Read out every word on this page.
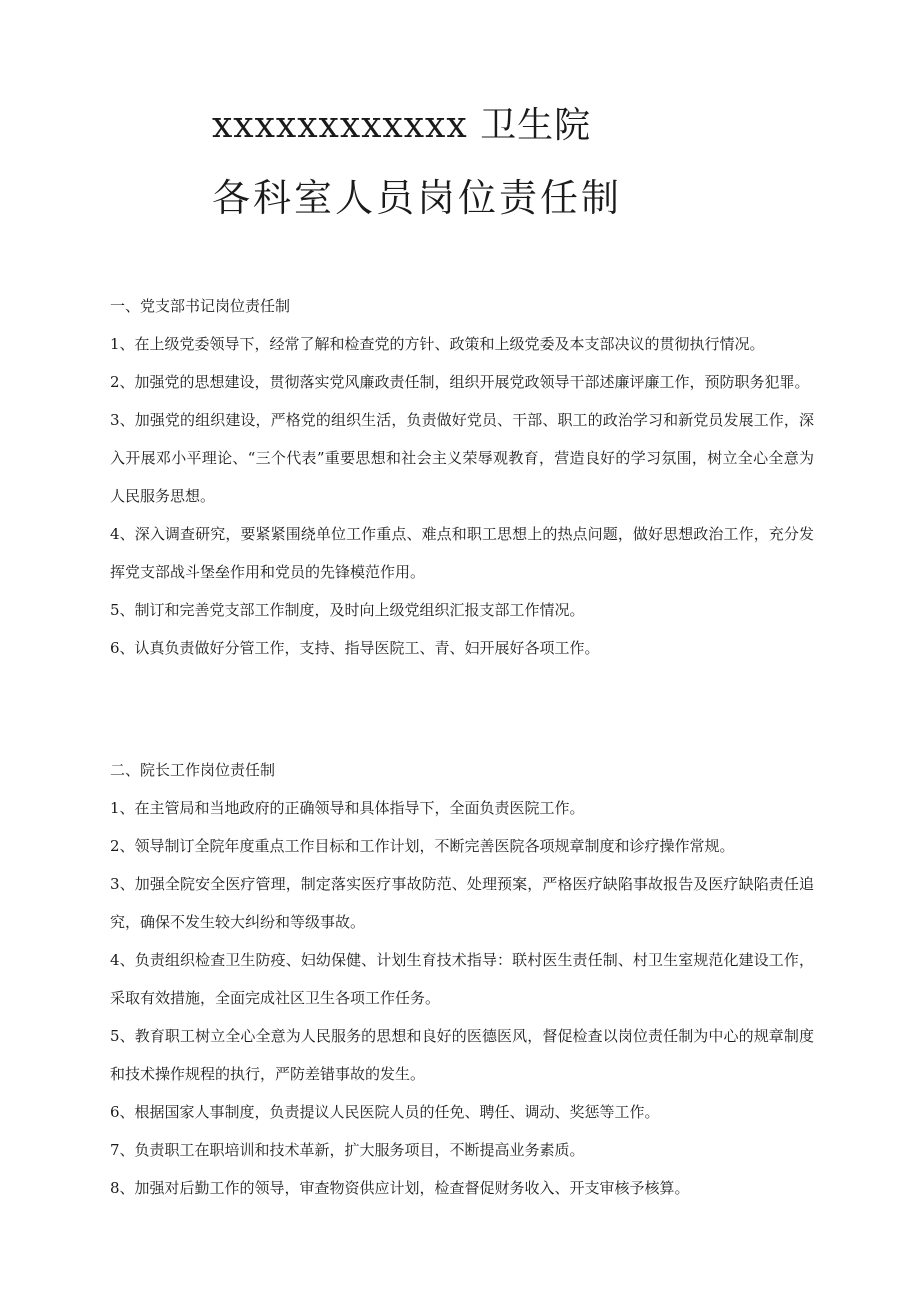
xxxxxxxxxxxx 卫生院
各科室人员岗位责任制

一、党支部书记岗位责任制

1、在上级党委领导下，经常了解和检查党的方针、政策和上级党委及本支部决议的贯彻执行情况。

2、加强党的思想建设，贯彻落实党风廉政责任制，组织开展党政领导干部述廉评廉工作，预防职务犯罪。

3、加强党的组织建设，严格党的组织生活，负责做好党员、干部、职工的政治学习和新党员发展工作，深入开展邓小平理论、“三个代表”重要思想和社会主义荣辱观教育，营造良好的学习氛围，树立全心全意为人民服务思想。

4、深入调查研究，要紧紧围绕单位工作重点、难点和职工思想上的热点问题，做好思想政治工作，充分发挥党支部战斗堡垒作用和党员的先锋模范作用。

5、制订和完善党支部工作制度，及时向上级党组织汇报支部工作情况。

6、认真负责做好分管工作，支持、指导医院工、青、妇开展好各项工作。

二、院长工作岗位责任制

1、在主管局和当地政府的正确领导和具体指导下，全面负责医院工作。

2、领导制订全院年度重点工作目标和工作计划，不断完善医院各项规章制度和诊疗操作常规。

3、加强全院安全医疗管理，制定落实医疗事故防范、处理预案，严格医疗缺陷事故报告及医疗缺陷责任追究，确保不发生较大纠纷和等级事故。

4、负责组织检查卫生防疫、妇幼保健、计划生育技术指导：联村医生责任制、村卫生室规范化建设工作，采取有效措施，全面完成社区卫生各项工作任务。

5、教育职工树立全心全意为人民服务的思想和良好的医德医风，督促检查以岗位责任制为中心的规章制度和技术操作规程的执行，严防差错事故的发生。

6、根据国家人事制度，负责提议人民医院人员的任免、聘任、调动、奖惩等工作。

7、负责职工在职培训和技术革新，扩大服务项目，不断提高业务素质。

8、加强对后勤工作的领导，审查物资供应计划，检查督促财务收入、开支审核予核算。
